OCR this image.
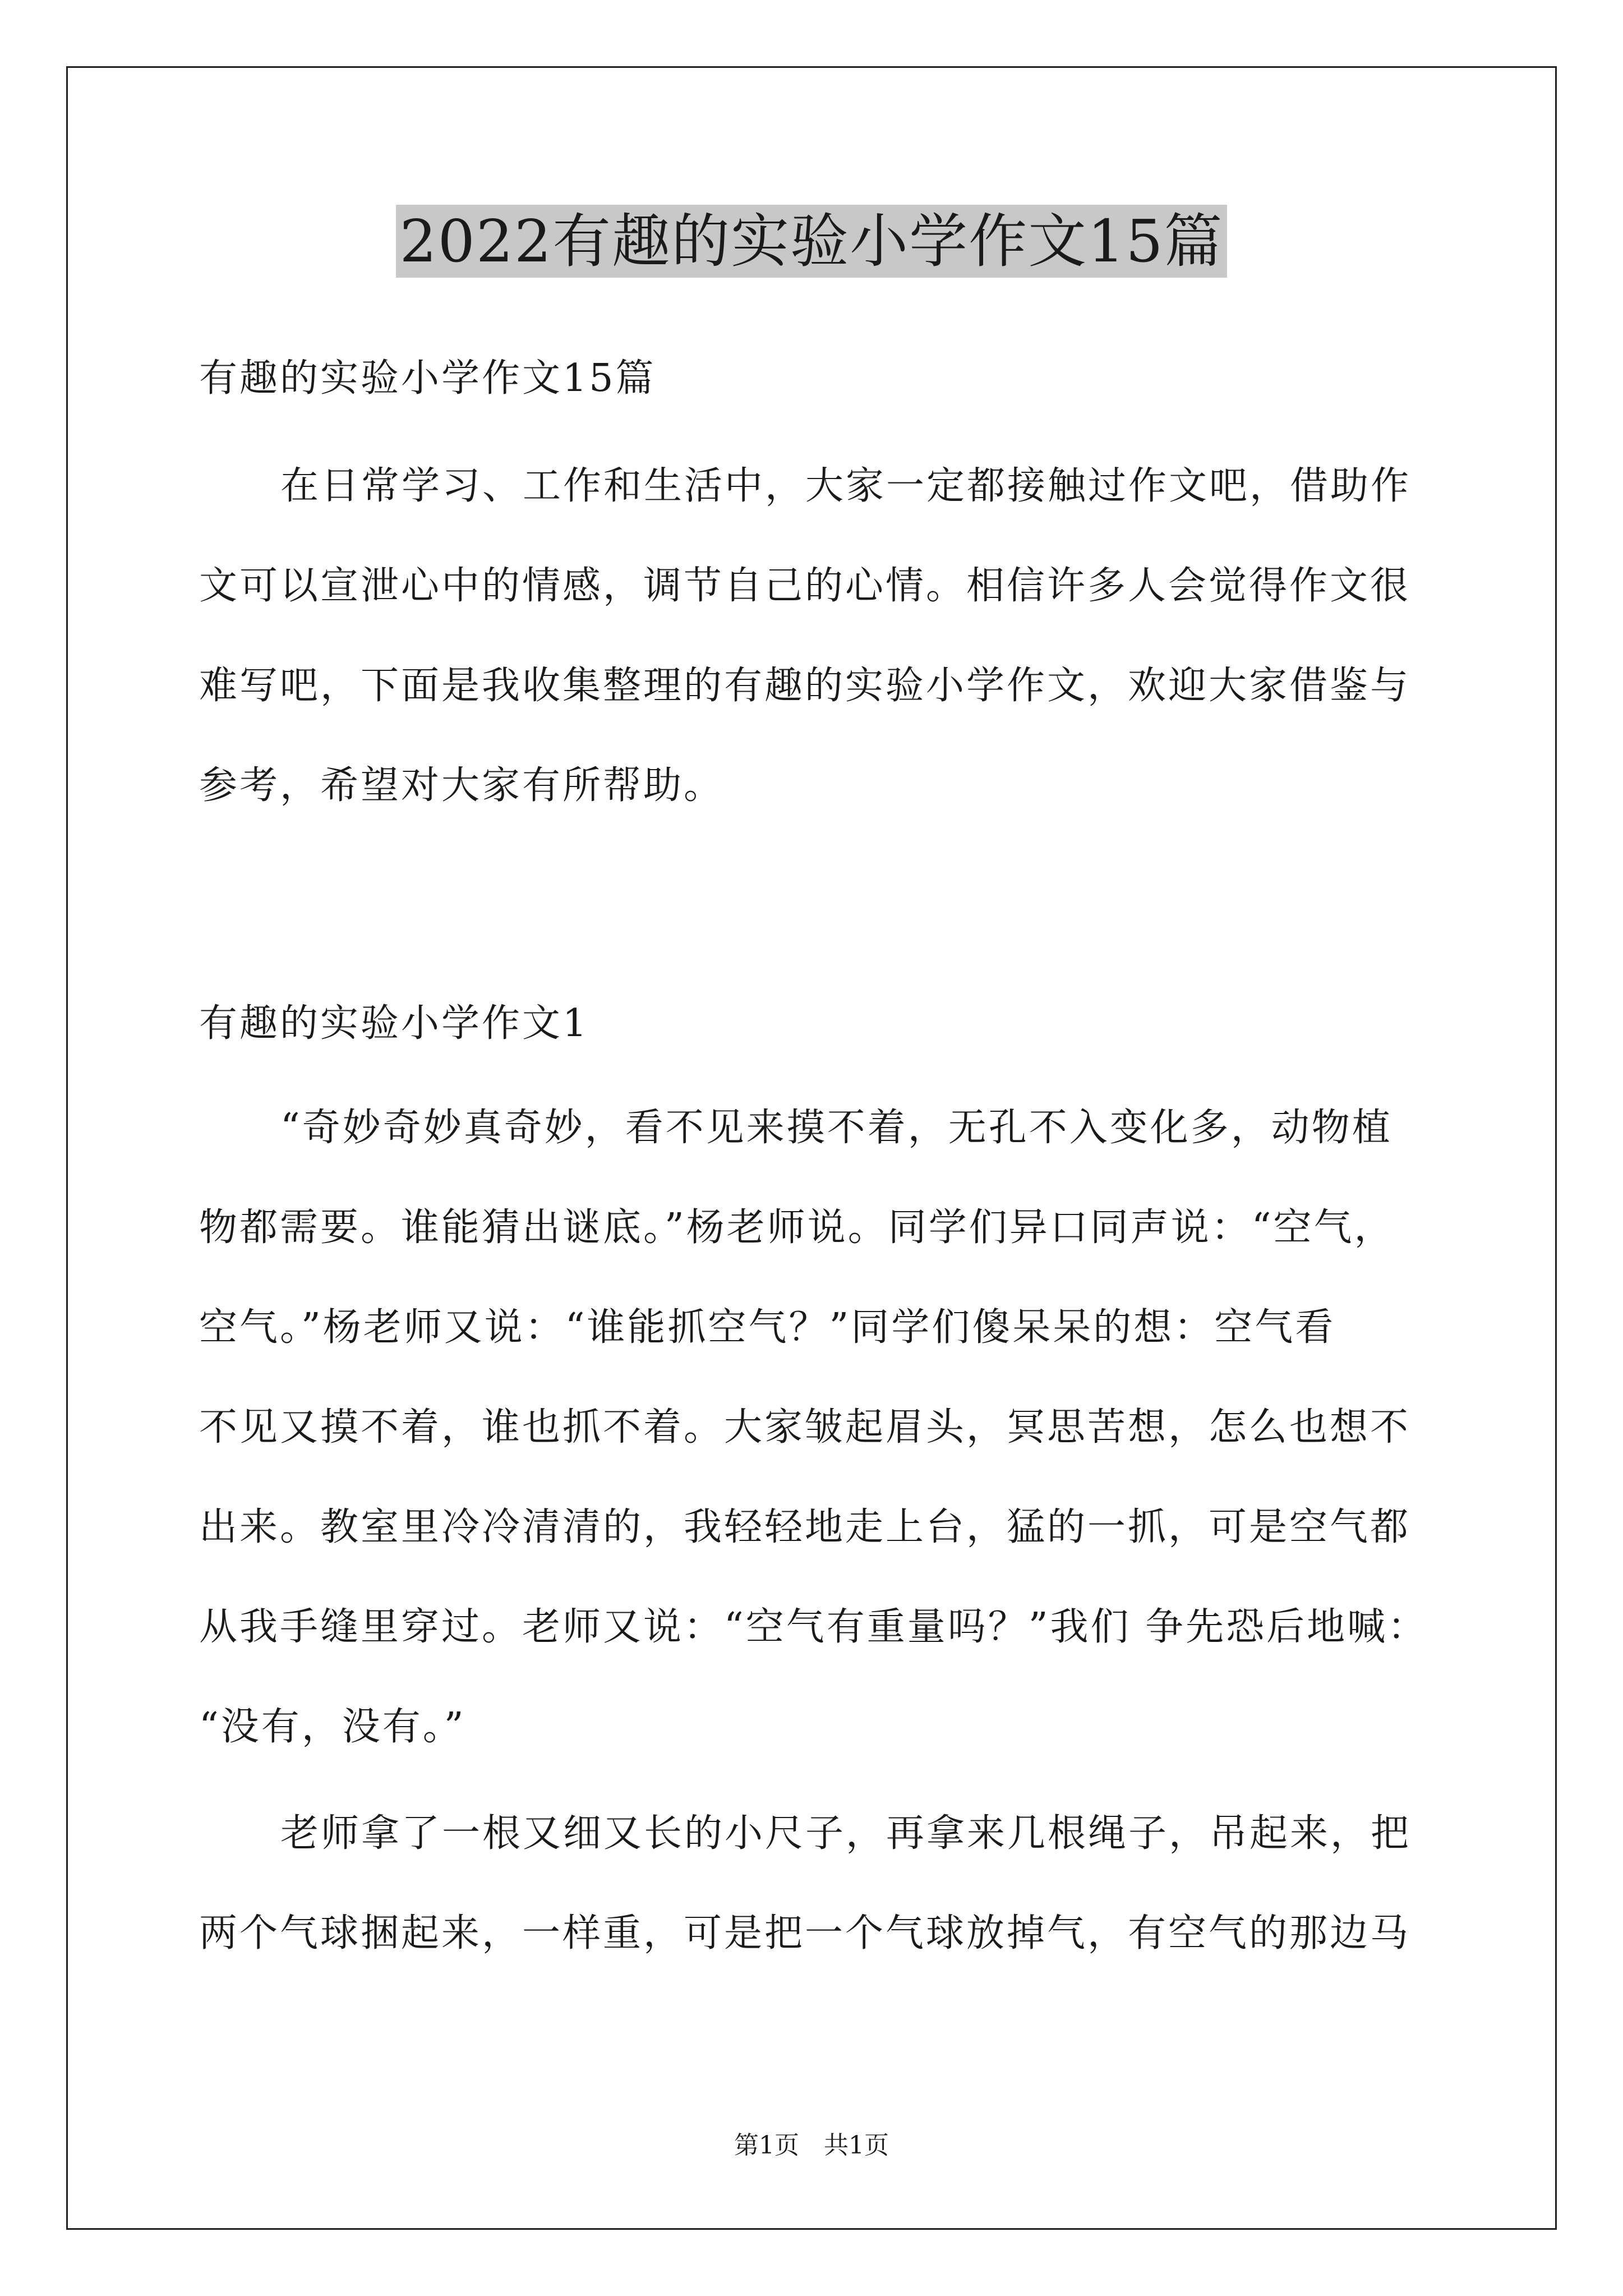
2022有趣的实验小学作文15篇
有趣的实验小学作文15篇
在日常学习、工作和生活中，大家一定都接触过作文吧，借助作
文可以宣泄心中的情感，调节自己的心情。相信许多人会觉得作文很
难写吧，下面是我收集整理的有趣的实验小学作文，欢迎大家借鉴与
参考，希望对大家有所帮助。
有趣的实验小学作文1
“奇妙奇妙真奇妙，看不见来摸不着，无孔不入变化多，动物植
物都需要。谁能猜出谜底。”杨老师说。同学们异口同声说：“空气，
空气。”杨老师又说：“谁能抓空气？”同学们傻呆呆的想：空气看
不见又摸不着，谁也抓不着。大家皱起眉头，冥思苦想，怎么也想不
出来。教室里冷冷清清的，我轻轻地走上台，猛的一抓，可是空气都
从我手缝里穿过。老师又说：“空气有重量吗？”我们 争先恐后地喊：
“没有，没有。”
老师拿了一根又细又长的小尺子，再拿来几根绳子，吊起来，把
两个气球捆起来，一样重，可是把一个气球放掉气，有空气的那边马
第1页 共1页
